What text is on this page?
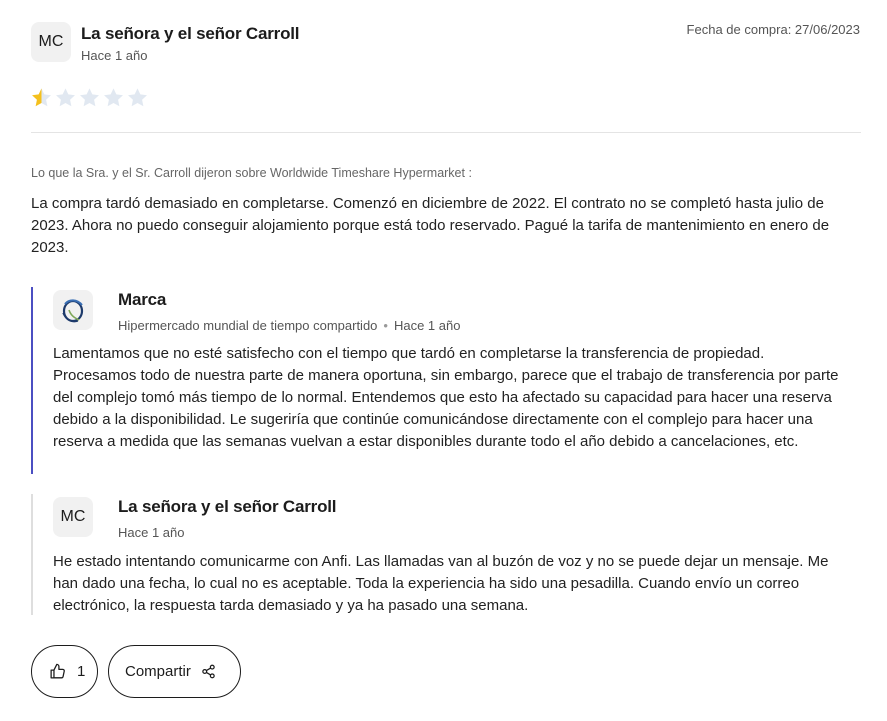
MC La señora y el señor Carroll
Hace 1 año
Fecha de compra: 27/06/2023
Lo que la Sra. y el Sr. Carroll dijeron sobre Worldwide Timeshare Hypermarket :
La compra tardó demasiado en completarse. Comenzó en diciembre de 2022. El contrato no se completó hasta julio de 2023. Ahora no puedo conseguir alojamiento porque está todo reservado. Pagué la tarifa de mantenimiento en enero de 2023.
Marca
Hipermercado mundial de tiempo compartido • Hace 1 año
Lamentamos que no esté satisfecho con el tiempo que tardó en completarse la transferencia de propiedad. Procesamos todo de nuestra parte de manera oportuna, sin embargo, parece que el trabajo de transferencia por parte del complejo tomó más tiempo de lo normal. Entendemos que esto ha afectado su capacidad para hacer una reserva debido a la disponibilidad. Le sugeriría que continúe comunicándose directamente con el complejo para hacer una reserva a medida que las semanas vuelvan a estar disponibles durante todo el año debido a cancelaciones, etc.
MC
La señora y el señor Carroll
Hace 1 año
He estado intentando comunicarme con Anfi. Las llamadas van al buzón de voz y no se puede dejar un mensaje. Me han dado una fecha, lo cual no es aceptable. Toda la experiencia ha sido una pesadilla. Cuando envío un correo electrónico, la respuesta tarda demasiado y ya ha pasado una semana.
1	Compartir
